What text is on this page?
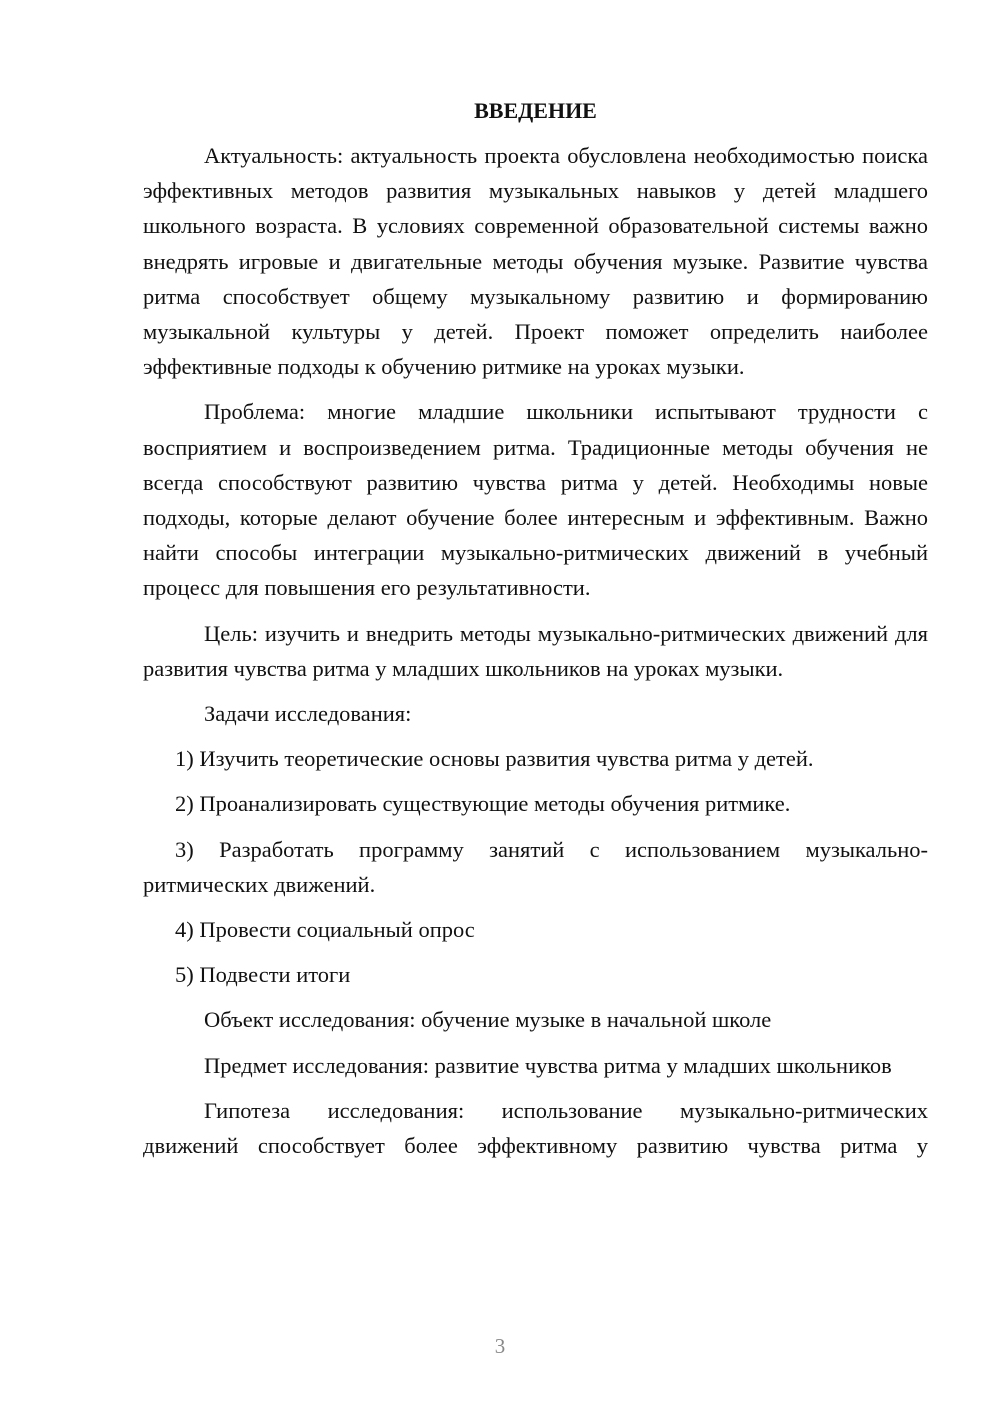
ВВЕДЕНИЕ

Актуальность: актуальность проекта обусловлена необходимостью поиска эффективных методов развития музыкальных навыков у детей младшего школьного возраста. В условиях современной образовательной системы важно внедрять игровые и двигательные методы обучения музыке. Развитие чувства ритма способствует общему музыкальному развитию и формированию музыкальной культуры у детей. Проект поможет определить наиболее эффективные подходы к обучению ритмике на уроках музыки.

Проблема: многие младшие школьники испытывают трудности с восприятием и воспроизведением ритма. Традиционные методы обучения не всегда способствуют развитию чувства ритма у детей. Необходимы новые подходы, которые делают обучение более интересным и эффективным. Важно найти способы интеграции музыкально-ритмических движений в учебный процесс для повышения его результативности.

Цель: изучить и внедрить методы музыкально-ритмических движений для развития чувства ритма у младших школьников на уроках музыки.

Задачи исследования:

1) Изучить теоретические основы развития чувства ритма у детей.

2) Проанализировать существующие методы обучения ритмике.

3) Разработать программу занятий с использованием музыкально-ритмических движений.

4) Провести социальный опрос

5) Подвести итоги

Объект исследования: обучение музыке в начальной школе

Предмет исследования: развитие чувства ритма у младших школьников

Гипотеза исследования: использование музыкально-ритмических движений способствует более эффективному развитию чувства ритма у

3
